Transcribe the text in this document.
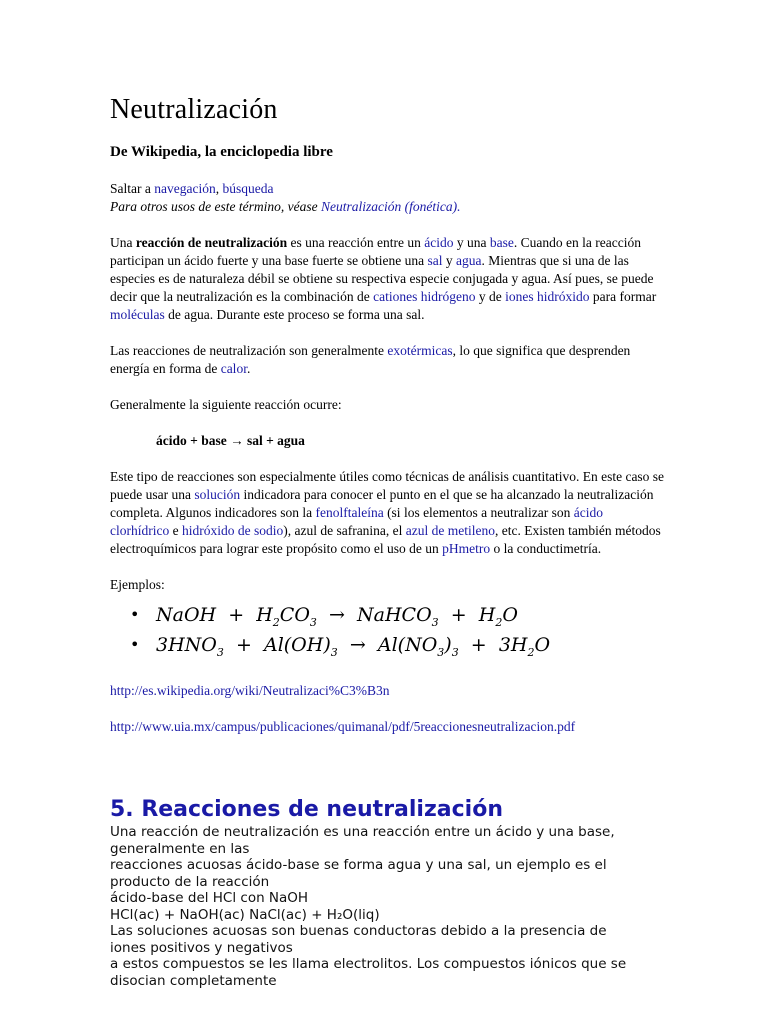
Neutralización
De Wikipedia, la enciclopedia libre

Saltar a navegación, búsqueda

Para otros usos de este término, véase Neutralización (fonética).

Una reacción de neutralización es una reacción entre un ácido y una base. Cuando en la reacción participan un ácido fuerte y una base fuerte se obtiene una sal y agua. Mientras que si una de las especies es de naturaleza débil se obtiene su respectiva especie conjugada y agua. Así pues, se puede decir que la neutralización es la combinación de cationes hidrógeno y de iones hidróxido para formar moléculas de agua. Durante este proceso se forma una sal.

Las reacciones de neutralización son generalmente exotérmicas, lo que significa que desprenden energía en forma de calor.

Generalmente la siguiente reacción ocurre:

ácido + base → sal + agua

Este tipo de reacciones son especialmente útiles como técnicas de análisis cuantitativo. En este caso se puede usar una solución indicadora para conocer el punto en el que se ha alcanzado la neutralización completa. Algunos indicadores son la fenolftaleína (si los elementos a neutralizar son ácido clorhídrico e hidróxido de sodio), azul de safranina, el azul de metileno, etc. Existen también métodos electroquímicos para lograr este propósito como el uso de un pHmetro o la conductimetría.

Ejemplos:

• NaOH + $H_2CO_3$ → NaHCO$_3$ + $H_2O$
• $3HNO_3 + Al(OH)_3 \to Al(NO_3)_3 + 3H_2O$
http://es.wikipedia.org/wiki/Neutralizaci%C3%B3n
http://www.uia.mx/campus/publicaciones/quimanal/pdf/5reaccionesneutralizacion.pdf
5. Reacciones de neutralización
Una reacción de neutralización es una reacción entre un ácido y una base,
generalmente en las
reacciones acuosas ácido-base se forma agua y una sal, un ejemplo es el
producto de la reacción
ácido-base del HCl con NaOH
HCl(ac) + NaOH(ac) NaCl(ac) + H₂O(liq)
Las soluciones acuosas son buenas conductoras debido a la presencia de
iones positivos y negativos
a estos compuestos se les llama electrolitos. Los compuestos iónicos que se
disocian completamente
